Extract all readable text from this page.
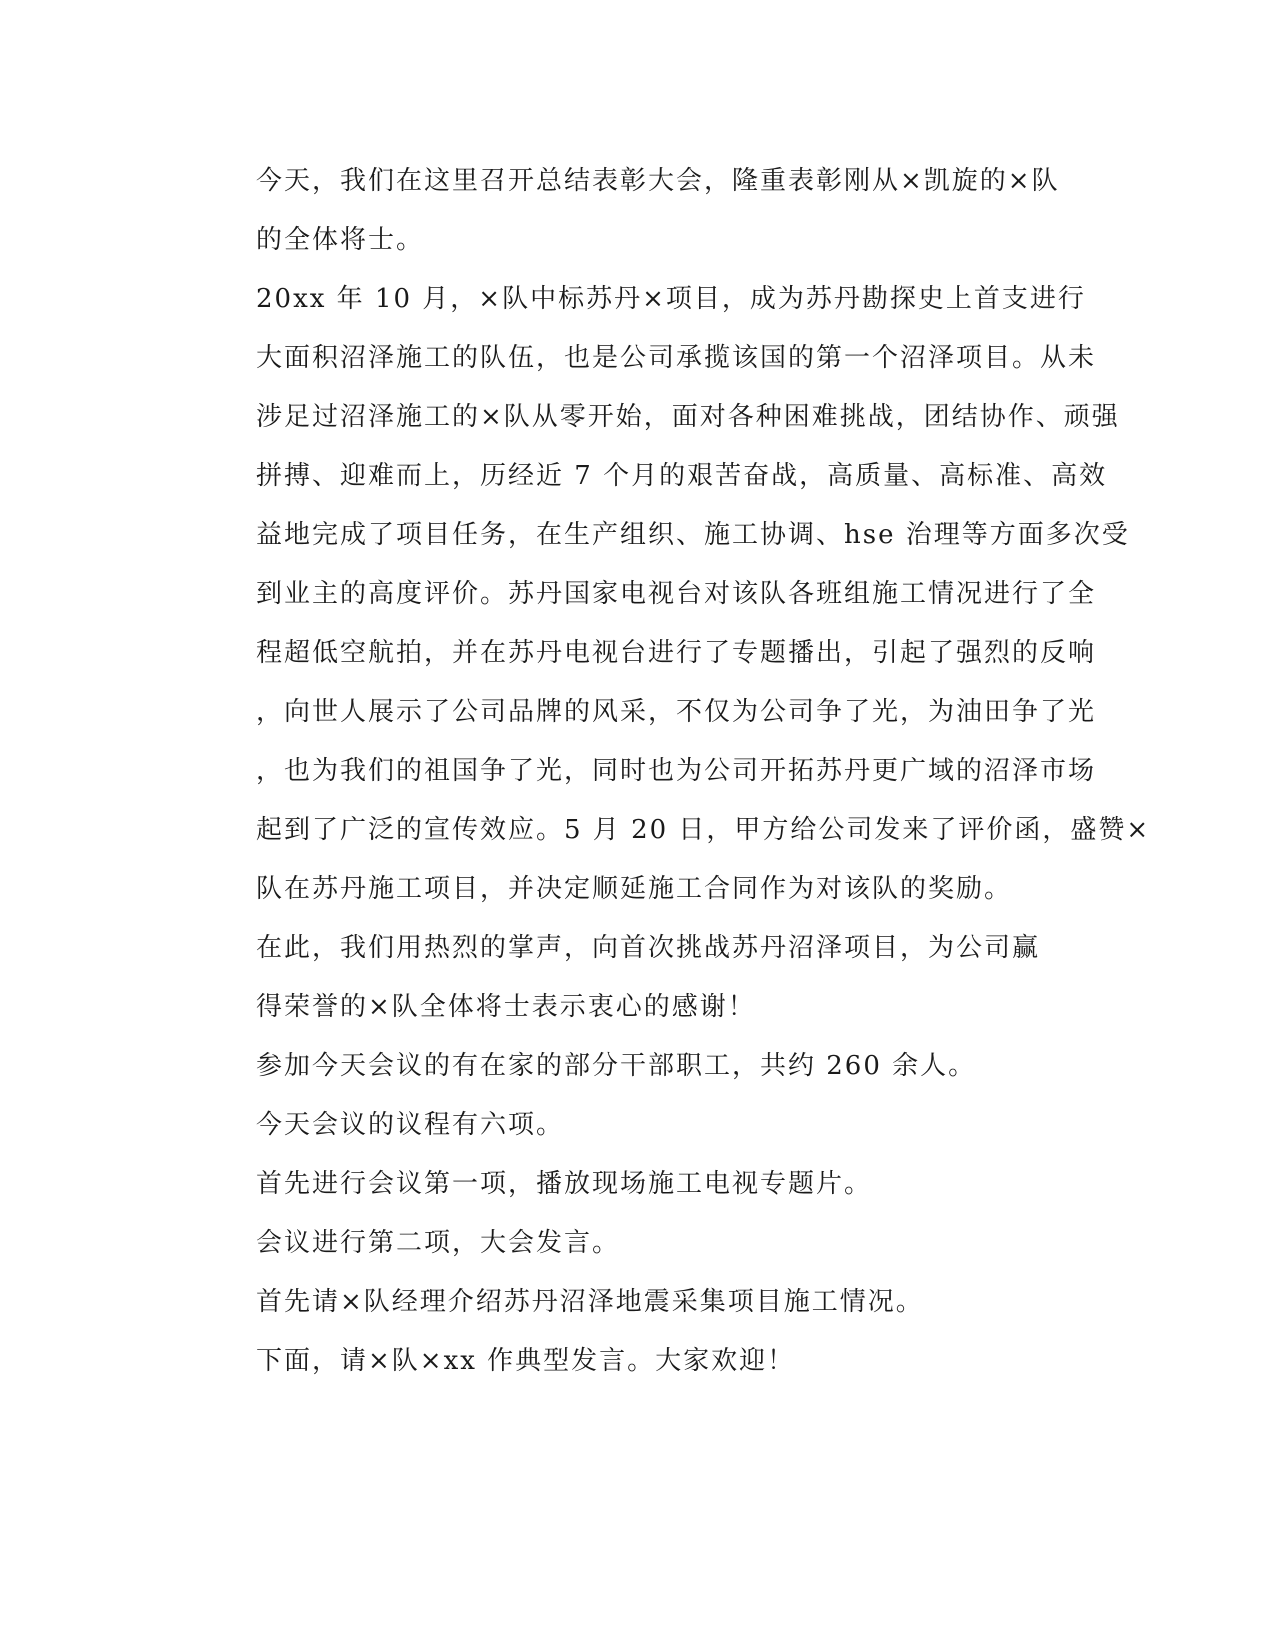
今天，我们在这里召开总结表彰大会，隆重表彰刚从×凯旋的×队
的全体将士。

20xx 年 10 月，×队中标苏丹×项目，成为苏丹勘探史上首支进行
大面积沼泽施工的队伍，也是公司承揽该国的第一个沼泽项目。从未
涉足过沼泽施工的×队从零开始，面对各种困难挑战，团结协作、顽强
拼搏、迎难而上，历经近 7 个月的艰苦奋战，高质量、高标准、高效
益地完成了项目任务，在生产组织、施工协调、hse 治理等方面多次受
到业主的高度评价。苏丹国家电视台对该队各班组施工情况进行了全
程超低空航拍，并在苏丹电视台进行了专题播出，引起了强烈的反响
，向世人展示了公司品牌的风采，不仅为公司争了光，为油田争了光
，也为我们的祖国争了光，同时也为公司开拓苏丹更广域的沼泽市场
起到了广泛的宣传效应。5 月 20 日，甲方给公司发来了评价函，盛赞×
队在苏丹施工项目，并决定顺延施工合同作为对该队的奖励。

在此，我们用热烈的掌声，向首次挑战苏丹沼泽项目，为公司赢
得荣誉的×队全体将士表示衷心的感谢！

参加今天会议的有在家的部分干部职工，共约 260 余人。

今天会议的议程有六项。

首先进行会议第一项，播放现场施工电视专题片。

会议进行第二项，大会发言。

首先请×队经理介绍苏丹沼泽地震采集项目施工情况。

下面，请×队×xx 作典型发言。大家欢迎！
